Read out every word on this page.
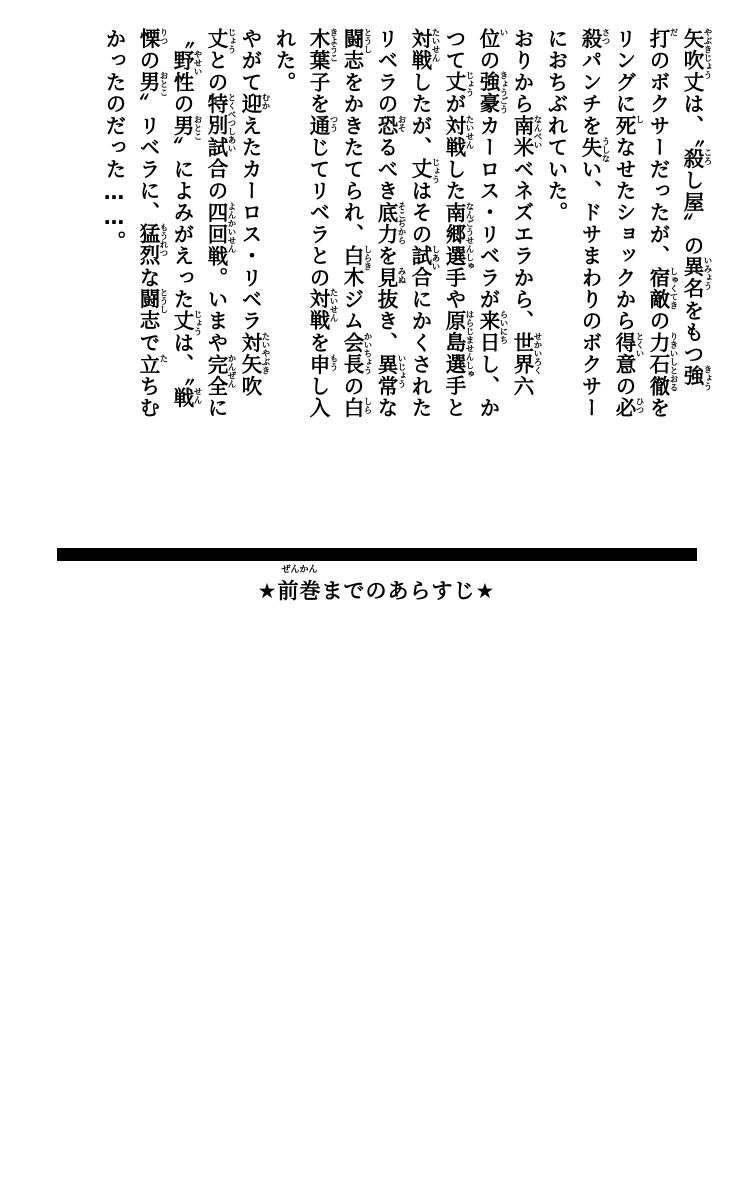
やぶきじょう
矢吹丈は、〝
ころ
殺し屋〟の
いみょう
異名をもつ
きょう
強
だ
打のボクサーだったが、
しゅくてき
宿敵の
りきいしとおる
力石徹を
リングに
し
死なせたショックから
とくい
得意の
ひつ
必
さつ
殺パンチを
うしな
失い、ドサまわりのボクサー
におちぶれていた。
おりから
なんべい
南米ベネズエラから、
せかいろく
世界六
い
位の
きょうごう
強豪カーロス・リベラが
らいにち
来日し、か
つて
じょう
丈が
たいせん
対戦した
なんごうせんしゅ
南郷選手や
はらじませんしゅ
原島選手と
たいせん
対戦したが、
じょう
丈はその
しあい
試合にかくされた
リベラの
おそ
恐るべき
そこぢから
底力を
みぬ
見抜き、
いじょう
異常な
とうし
闘志をかきたてられ、
しらき
白木ジム
かいちょう
会長の
しら
白
きようこ
木葉子を
つう
通じてリベラとの
たいせん
対戦を
もう
申し入
れた。
やがて
むか
迎えたカーロス・リベラ
たいやぶき
対矢吹
じょう
丈との
とくべつしあい
特別試合の
よんかいせん
四回戦。いまや
かんぜん
完全に
〝
やせい
野性の
おとこ
男〟によみがえった
じょう
丈は、〝
せん
戦
りつ
慄の
おとこ
男〟リベラに、
もうれつ
猛烈な
とうし
闘志で
た
立ちむ
かったのだった……。
★
ぜんかん
前巻までのあらすじ★
